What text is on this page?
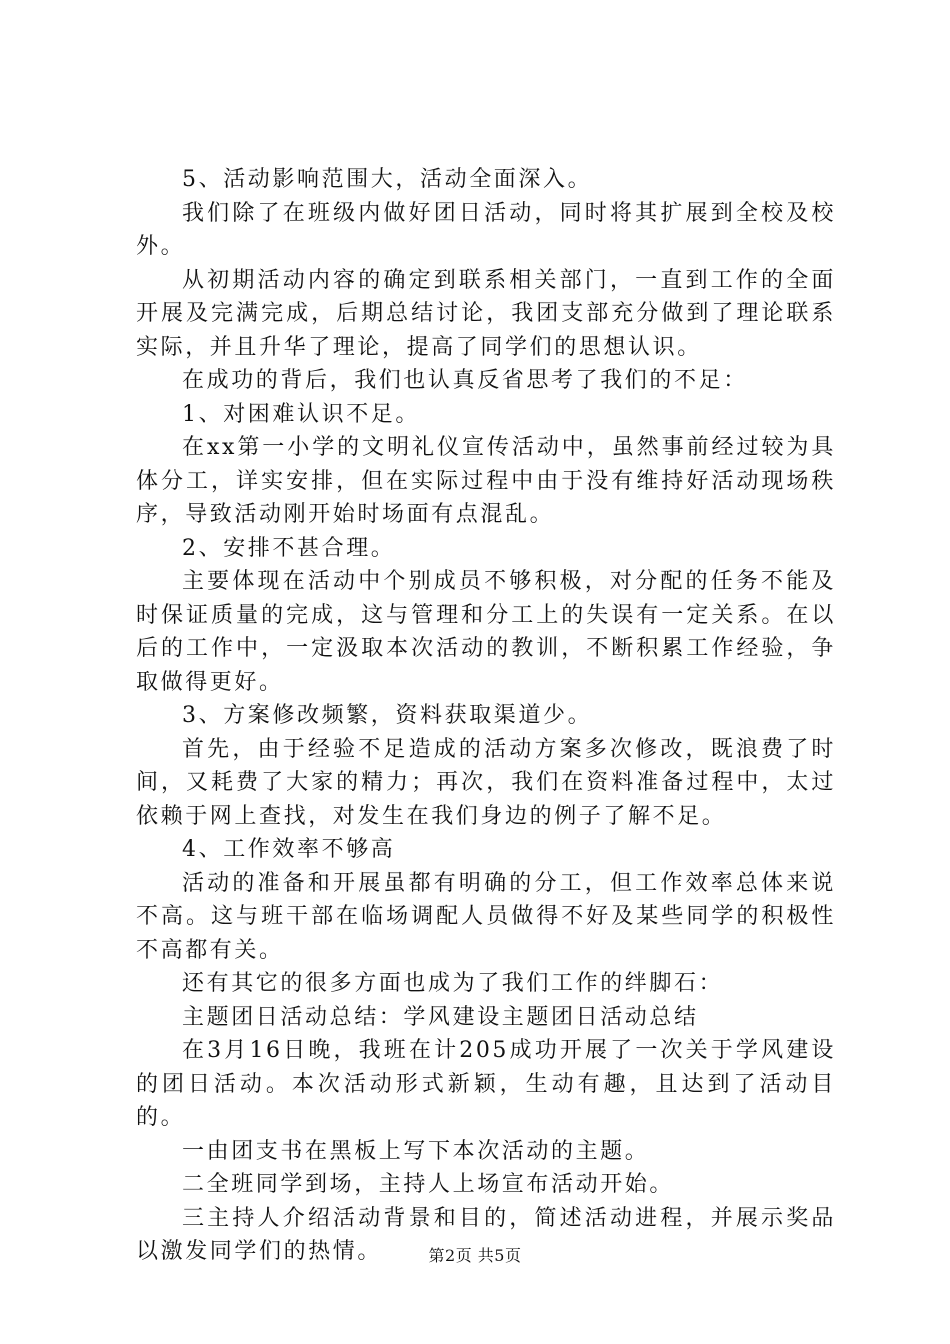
5、活动影响范围大，活动全面深入。

我们除了在班级内做好团日活动，同时将其扩展到全校及校外。

从初期活动内容的确定到联系相关部门，一直到工作的全面开展及完满完成，后期总结讨论，我团支部充分做到了理论联系实际，并且升华了理论，提高了同学们的思想认识。

在成功的背后，我们也认真反省思考了我们的不足：

1、对困难认识不足。

在xx第一小学的文明礼仪宣传活动中，虽然事前经过较为具体分工，详实安排，但在实际过程中由于没有维持好活动现场秩序，导致活动刚开始时场面有点混乱。

2、安排不甚合理。

主要体现在活动中个别成员不够积极，对分配的任务不能及时保证质量的完成，这与管理和分工上的失误有一定关系。在以后的工作中，一定汲取本次活动的教训，不断积累工作经验，争取做得更好。

3、方案修改频繁，资料获取渠道少。

首先，由于经验不足造成的活动方案多次修改，既浪费了时间，又耗费了大家的精力；再次，我们在资料准备过程中，太过依赖于网上查找，对发生在我们身边的例子了解不足。

4、工作效率不够高

活动的准备和开展虽都有明确的分工，但工作效率总体来说不高。这与班干部在临场调配人员做得不好及某些同学的积极性不高都有关。

还有其它的很多方面也成为了我们工作的绊脚石：

主题团日活动总结：学风建设主题团日活动总结

在3月16日晚，我班在计205成功开展了一次关于学风建设的团日活动。本次活动形式新颖，生动有趣，且达到了活动目的。

一由团支书在黑板上写下本次活动的主题。

二全班同学到场，主持人上场宣布活动开始。

三主持人介绍活动背景和目的，简述活动进程，并展示奖品以激发同学们的热情。	第2页 共5页
